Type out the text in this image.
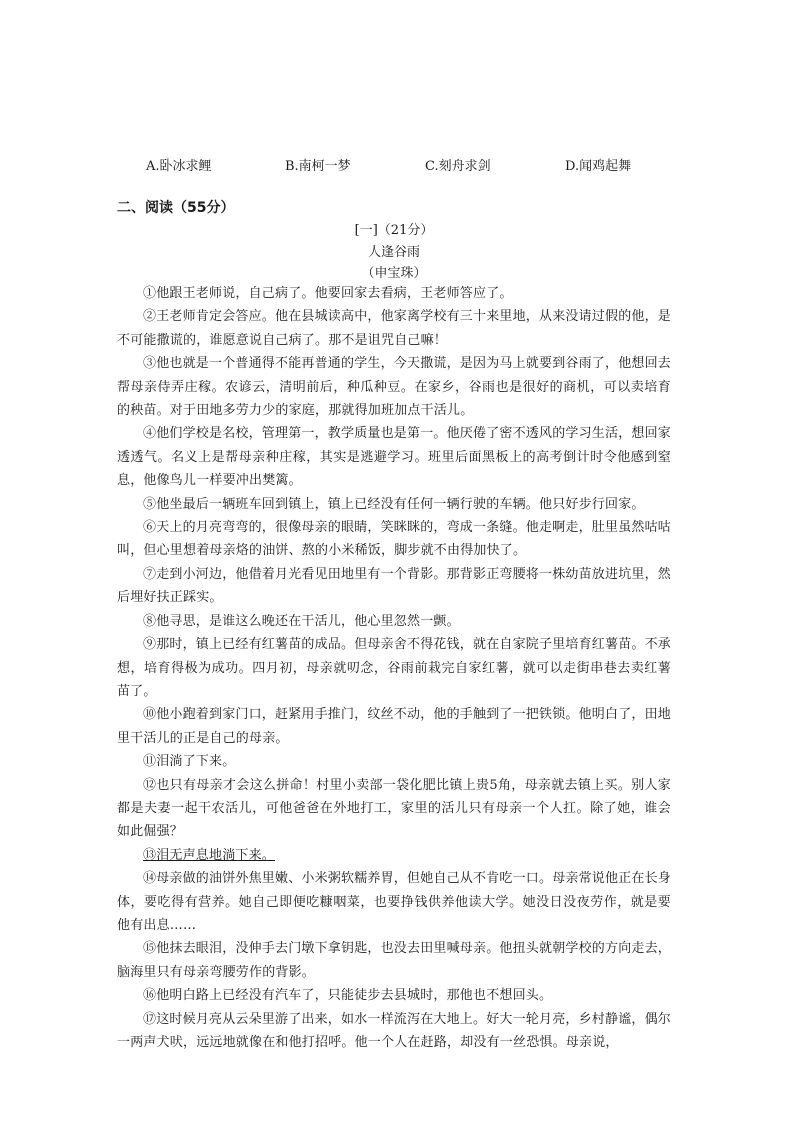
A.卧冰求鲤	B.南柯一梦	C.刻舟求剑	D.闻鸡起舞
二、阅读（55分）
[一]（21分）
人逢谷雨
（申宝珠）

①他跟王老师说，自己病了。他要回家去看病，王老师答应了。

②王老师肯定会答应。他在县城读高中，他家离学校有三十来里地，从来没请过假的他，是不可能撒谎的，谁愿意说自己病了。那不是诅咒自己嘛！

③他也就是一个普通得不能再普通的学生，今天撒谎，是因为马上就要到谷雨了，他想回去帮母亲侍弄庄稼。农谚云，清明前后，种瓜种豆。在家乡，谷雨也是很好的商机，可以卖培育的秧苗。对于田地多劳力少的家庭，那就得加班加点干活儿。

④他们学校是名校，管理第一，教学质量也是第一。他厌倦了密不透风的学习生活，想回家透透气。名义上是帮母亲种庄稼，其实是逃避学习。班里后面黑板上的高考倒计时令他感到窒息，他像鸟儿一样要冲出樊篱。

⑤他坐最后一辆班车回到镇上，镇上已经没有任何一辆行驶的车辆。他只好步行回家。

⑥天上的月亮弯弯的，很像母亲的眼睛，笑眯眯的，弯成一条缝。他走啊走，肚里虽然咕咕叫，但心里想着母亲烙的油饼、熬的小米稀饭，脚步就不由得加快了。

⑦走到小河边，他借着月光看见田地里有一个背影。那背影正弯腰将一株幼苗放进坑里，然后埋好扶正踩实。

⑧他寻思，是谁这么晚还在干活儿，他心里忽然一颤。

⑨那时，镇上已经有红薯苗的成品。但母亲舍不得花钱，就在自家院子里培育红薯苗。不承想，培育得极为成功。四月初，母亲就叨念，谷雨前栽完自家红薯，就可以走街串巷去卖红薯苗了。

⑩他小跑着到家门口，赶紧用手推门，纹丝不动，他的手触到了一把铁锁。他明白了，田地里干活儿的正是自己的母亲。

⑪泪淌了下来。

⑫也只有母亲才会这么拼命！村里小卖部一袋化肥比镇上贵5角，母亲就去镇上买。别人家都是夫妻一起干农活儿，可他爸爸在外地打工，家里的活儿只有母亲一个人扛。除了她，谁会如此倔强？

⑬泪无声息地淌下来。

⑭母亲做的油饼外焦里嫩、小米粥软糯养胃，但她自己从不肯吃一口。母亲常说他正在长身体，要吃得有营养。她自己即便吃糠咽菜，也要挣钱供养他读大学。她没日没夜劳作，就是要他有出息……

⑮他抹去眼泪，没伸手去门墩下拿钥匙，也没去田里喊母亲。他扭头就朝学校的方向走去，脑海里只有母亲弯腰劳作的背影。

⑯他明白路上已经没有汽车了，只能徒步去县城时，那他也不想回头。

⑰这时候月亮从云朵里游了出来，如水一样流泻在大地上。好大一轮月亮，乡村静谧，偶尔一两声犬吠，远远地就像在和他打招呼。他一个人在赶路，却没有一丝恐惧。母亲说，
